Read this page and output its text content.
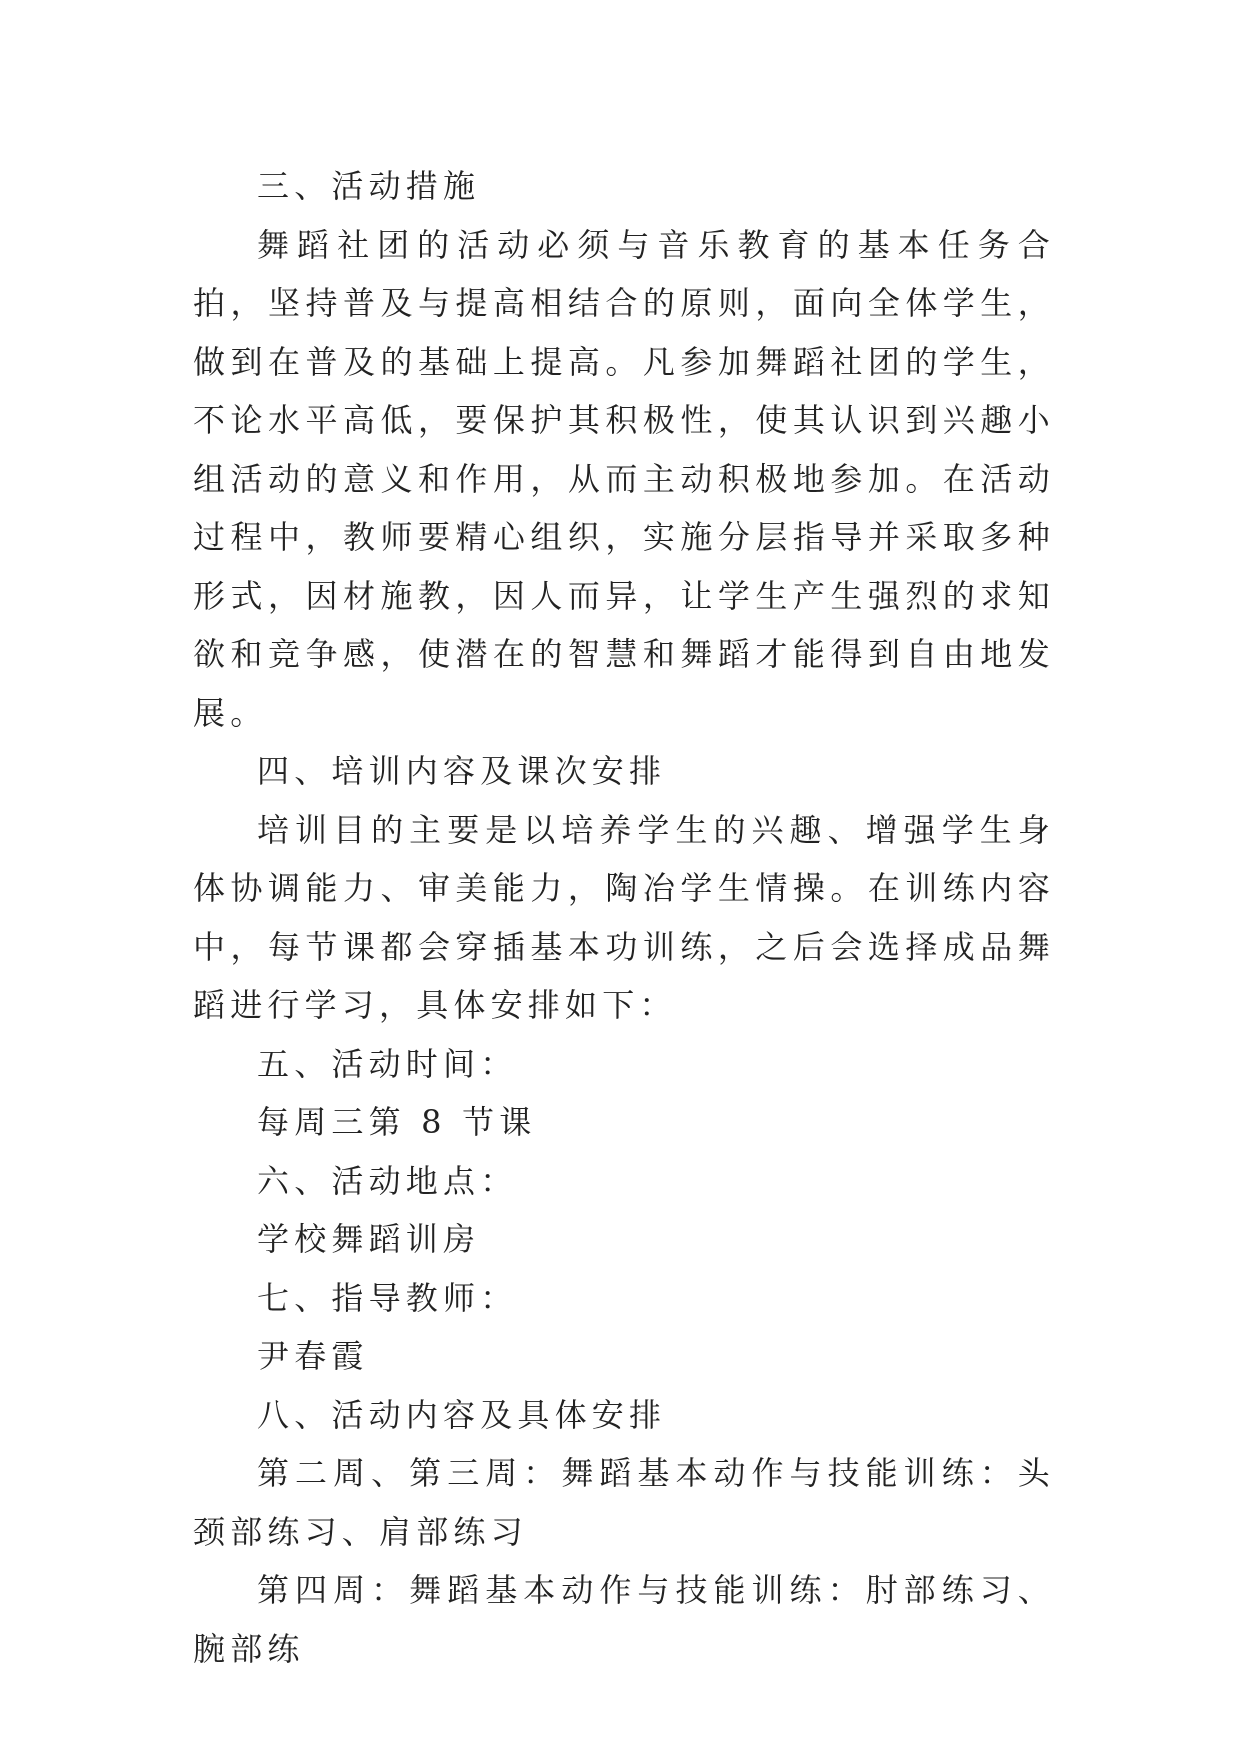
三、活动措施

舞蹈社团的活动必须与音乐教育的基本任务合拍，坚持普及与提高相结合的原则，面向全体学生，做到在普及的基础上提高。凡参加舞蹈社团的学生，不论水平高低，要保护其积极性，使其认识到兴趣小组活动的意义和作用，从而主动积极地参加。在活动过程中，教师要精心组织，实施分层指导并采取多种形式，因材施教，因人而异，让学生产生强烈的求知欲和竞争感，使潜在的智慧和舞蹈才能得到自由地发展。

四、培训内容及课次安排

培训目的主要是以培养学生的兴趣、增强学生身体协调能力、审美能力，陶冶学生情操。在训练内容中，每节课都会穿插基本功训练，之后会选择成品舞蹈进行学习，具体安排如下：

五、活动时间：

每周三第 8 节课

六、活动地点：

学校舞蹈训房

七、指导教师：

尹春霞

八、活动内容及具体安排

第二周、第三周：舞蹈基本动作与技能训练：头颈部练习、肩部练习

第四周：舞蹈基本动作与技能训练：肘部练习、腕部练
